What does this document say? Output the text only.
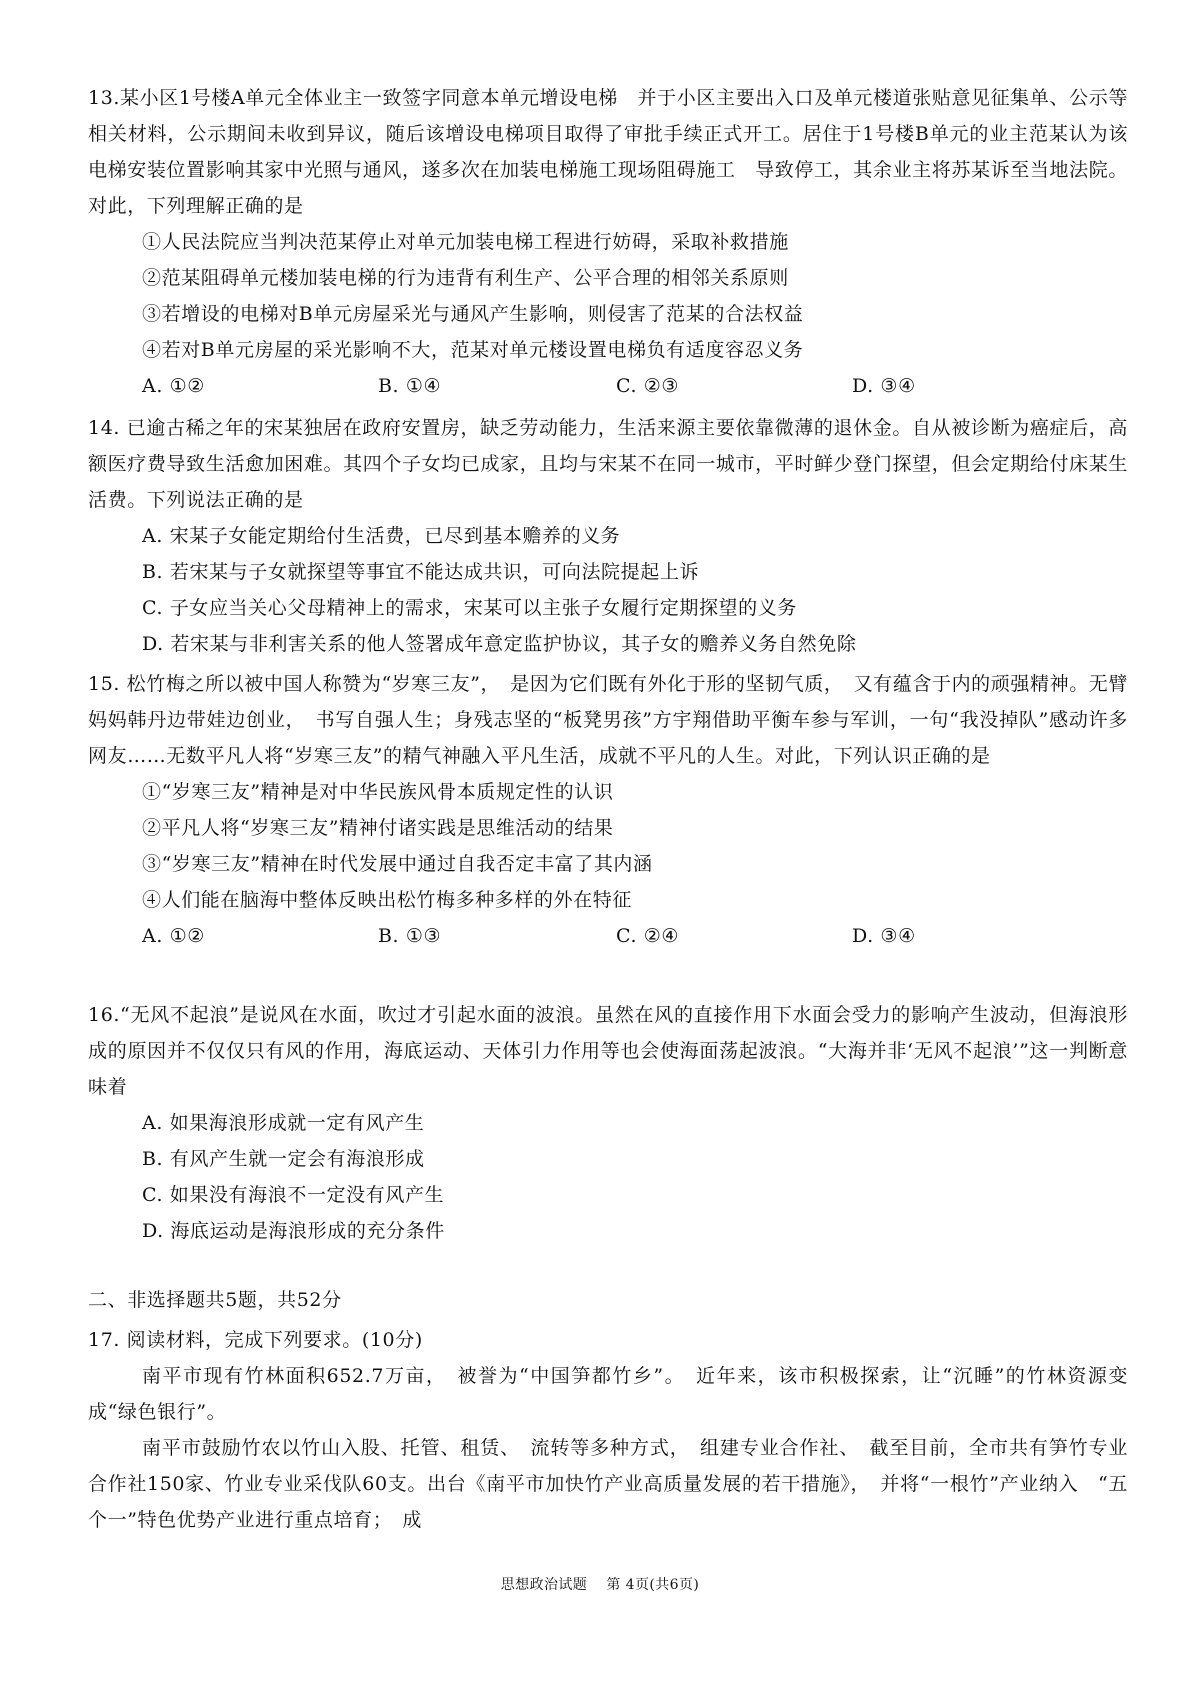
13.某小区1号楼A单元全体业主一致签字同意本单元增设电梯　并于小区主要出入口及单元楼道张贴意见征集单、公示等相关材料，公示期间未收到异议，随后该增设电梯项目取得了审批手续正式开工。居住于1号楼B单元的业主范某认为该电梯安装位置影响其家中光照与通风，遂多次在加装电梯施工现场阻碍施工　导致停工，其余业主将苏某诉至当地法院。对此，下列理解正确的是

①人民法院应当判决范某停止对单元加装电梯工程进行妨碍，采取补救措施

②范某阻碍单元楼加装电梯的行为违背有利生产、公平合理的相邻关系原则

③若增设的电梯对B单元房屋采光与通风产生影响，则侵害了范某的合法权益

④若对B单元房屋的采光影响不大，范某对单元楼设置电梯负有适度容忍义务

A. ①②	B. ①④	C. ②③	D. ③④

14. 已逾古稀之年的宋某独居在政府安置房，缺乏劳动能力，生活来源主要依靠微薄的退休金。自从被诊断为癌症后，高额医疗费导致生活愈加困难。其四个子女均已成家，且均与宋某不在同一城市，平时鲜少登门探望，但会定期给付床某生活费。下列说法正确的是

A. 宋某子女能定期给付生活费，已尽到基本赡养的义务

B. 若宋某与子女就探望等事宜不能达成共识，可向法院提起上诉

C. 子女应当关心父母精神上的需求，宋某可以主张子女履行定期探望的义务

D. 若宋某与非利害关系的他人签署成年意定监护协议，其子女的赡养义务自然免除

15. 松竹梅之所以被中国人称赞为“岁寒三友”，　是因为它们既有外化于形的坚韧气质，　又有蕴含于内的顽强精神。无臂妈妈韩丹边带娃边创业，　书写自强人生；身残志坚的“板凳男孩”方宇翔借助平衡车参与军训，一句“我没掉队”感动许多网友……无数平凡人将“岁寒三友”的精气神融入平凡生活，成就不平凡的人生。对此，下列认识正确的是

①“岁寒三友”精神是对中华民族风骨本质规定性的认识

②平凡人将“岁寒三友”精神付诸实践是思维活动的结果

③“岁寒三友”精神在时代发展中通过自我否定丰富了其内涵

④人们能在脑海中整体反映出松竹梅多种多样的外在特征

A. ①②	B. ①③	C. ②④	D. ③④

16.“无风不起浪”是说风在水面，吹过才引起水面的波浪。虽然在风的直接作用下水面会受力的影响产生波动，但海浪形成的原因并不仅仅只有风的作用，海底运动、天体引力作用等也会使海面荡起波浪。“大海并非‘无风不起浪’”这一判断意味着

A. 如果海浪形成就一定有风产生

B. 有风产生就一定会有海浪形成

C. 如果没有海浪不一定没有风产生

D. 海底运动是海浪形成的充分条件

二、非选择题共5题，共52分

17. 阅读材料，完成下列要求。(10分)

南平市现有竹林面积652.7万亩，　被誉为“中国笋都竹乡”。　近年来，该市积极探索，让“沉睡”的竹林资源变成“绿色银行”。

南平市鼓励竹农以竹山入股、托管、租赁、　流转等多种方式，　组建专业合作社、　截至目前，全市共有笋竹专业合作社150家、竹业专业采伐队60支。出台《南平市加快竹产业高质量发展的若干措施》，　并将“一根竹”产业纳入　“五个一”特色优势产业进行重点培育；　成

思想政治试题　 第 4页(共6页)
